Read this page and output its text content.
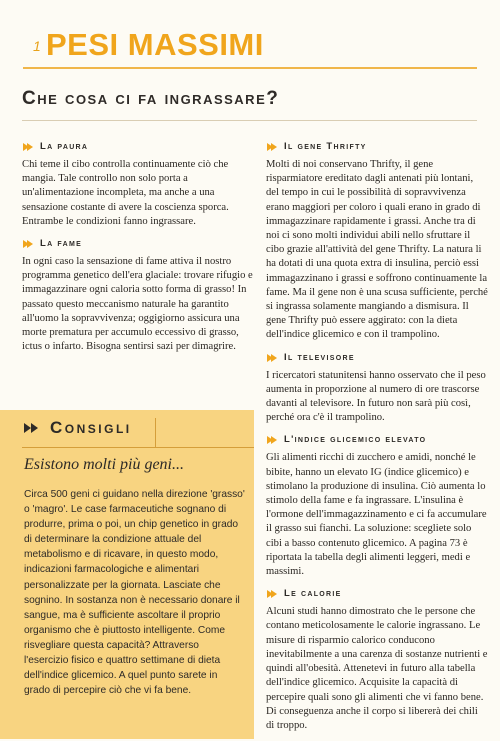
1 PESI MASSIMI
Che cosa ci fa ingrassare?
La paura

Chi teme il cibo controlla continuamente ciò che mangia. Tale controllo non solo porta a un'alimentazione incompleta, ma anche a una sensazione costante di avere la coscienza sporca. Entrambe le condizioni fanno ingrassare.

La fame

In ogni caso la sensazione di fame attiva il nostro programma genetico dell'era glaciale: trovare rifugio e immagazzinare ogni caloria sotto forma di grasso! In passato questo meccanismo naturale ha garantito all'uomo la sopravvivenza; oggigiorno assicura una morte prematura per accumulo eccessivo di grasso, ictus o infarto. Bisogna sentirsi sazi per dimagrire.

Consigli
Esistono molti più geni...
Circa 500 geni ci guidano nella direzione 'grasso' o 'magro'. Le case farmaceutiche sognano di produrre, prima o poi, un chip genetico in grado di determinare la condizione attuale del metabolismo e di ricavare, in questo modo, indicazioni farmacologiche e alimentari personalizzate per la giornata. Lasciate che sognino. In sostanza non è necessario donare il sangue, ma è sufficiente ascoltare il proprio organismo che è piuttosto intelligente. Come risvegliare questa capacità? Attraverso l'esercizio fisico e quattro settimane di dieta dell'indice glicemico. A quel punto sarete in grado di percepire ciò che vi fa bene.
Il gene Thrifty

Molti di noi conservano Thrifty, il gene risparmiatore ereditato dagli antenati più lontani, del tempo in cui le possibilità di sopravvivenza erano maggiori per coloro i quali erano in grado di immagazzinare rapidamente i grassi. Anche tra di noi ci sono molti individui abili nello sfruttare il cibo grazie all'attività del gene Thrifty. La natura li ha dotati di una quota extra di insulina, perciò essi immagazzinano i grassi e soffrono continuamente la fame. Ma il gene non è una scusa sufficiente, perché si ingrassa solamente mangiando a dismisura. Il gene Thrifty può essere aggirato: con la dieta dell'indice glicemico e con il trampolino.

Il televisore

I ricercatori statunitensi hanno osservato che il peso aumenta in proporzione al numero di ore trascorse davanti al televisore. In futuro non sarà più così, perché ora c'è il trampolino.

L'indice glicemico elevato

Gli alimenti ricchi di zucchero e amidi, nonché le bibite, hanno un elevato IG (indice glicemico) e stimolano la produzione di insulina. Ciò aumenta lo stimolo della fame e fa ingrassare. L'insulina è l'ormone dell'immagazzinamento e ci fa accumulare il grasso sui fianchi. La soluzione: scegliete solo cibi a basso contenuto glicemico. A pagina 73 è riportata la tabella degli alimenti leggeri, medi e massimi.

Le calorie

Alcuni studi hanno dimostrato che le persone che contano meticolosamente le calorie ingrassano. Le misure di risparmio calorico conducono inevitabilmente a una carenza di sostanze nutrienti e quindi all'obesità. Attenetevi in futuro alla tabella dell'indice glicemico. Acquisite la capacità di percepire quali sono gli alimenti che vi fanno bene. Di conseguenza anche il corpo si libererà dei chili di troppo.
